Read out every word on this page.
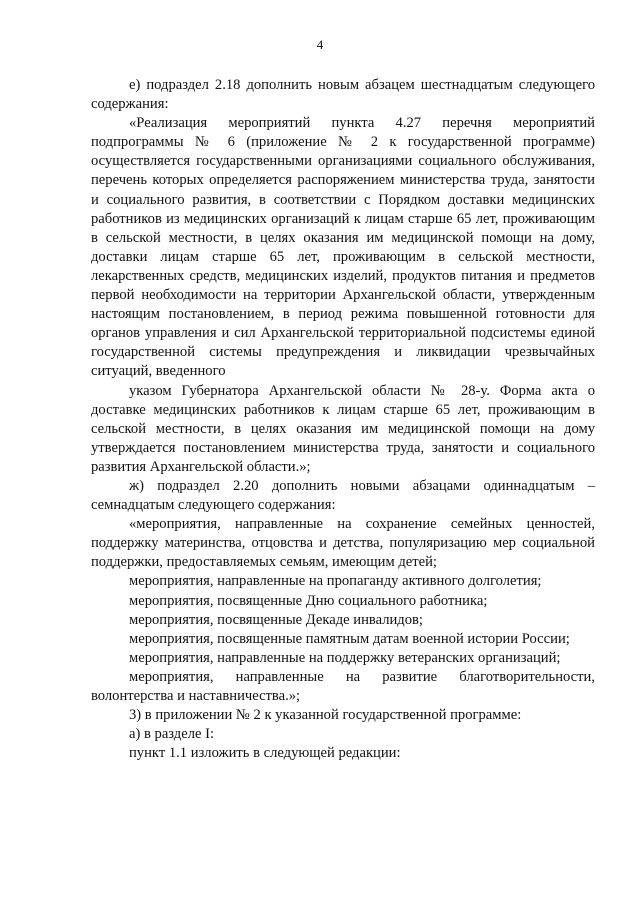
4

е) подраздел 2.18 дополнить новым абзацем шестнадцатым следующего содержания:

«Реализация мероприятий пункта 4.27 перечня мероприятий подпрограммы № 6 (приложение № 2 к государственной программе) осуществляется государственными организациями социального обслуживания, перечень которых определяется распоряжением министерства труда, занятости и социального развития, в соответствии с Порядком доставки медицинских работников из медицинских организаций к лицам старше 65 лет, проживающим в сельской местности, в целях оказания им медицинской помощи на дому, доставки лицам старше 65 лет, проживающим в сельской местности, лекарственных средств, медицинских изделий, продуктов питания и предметов первой необходимости на территории Архангельской области, утвержденным настоящим постановлением, в период режима повышенной готовности для органов управления и сил Архангельской территориальной подсистемы единой государственной системы предупреждения и ликвидации чрезвычайных ситуаций, введенного

указом Губернатора Архангельской области № 28-у. Форма акта о доставке медицинских работников к лицам старше 65 лет, проживающим в сельской местности, в целях оказания им медицинской помощи на дому утверждается постановлением министерства труда, занятости и социального развития Архангельской области.»;

ж) подраздел 2.20 дополнить новыми абзацами одиннадцатым – семнадцатым следующего содержания:

«мероприятия, направленные на сохранение семейных ценностей, поддержку материнства, отцовства и детства, популяризацию мер социальной поддержки, предоставляемых семьям, имеющим детей;

мероприятия, направленные на пропаганду активного долголетия;

мероприятия, посвященные Дню социального работника;

мероприятия, посвященные Декаде инвалидов;

мероприятия, посвященные памятным датам военной истории России;

мероприятия, направленные на поддержку ветеранских организаций;

мероприятия, направленные на развитие благотворительности, волонтерства и наставничества.»;

3) в приложении № 2 к указанной государственной программе:

а) в разделе I:

пункт 1.1 изложить в следующей редакции:
